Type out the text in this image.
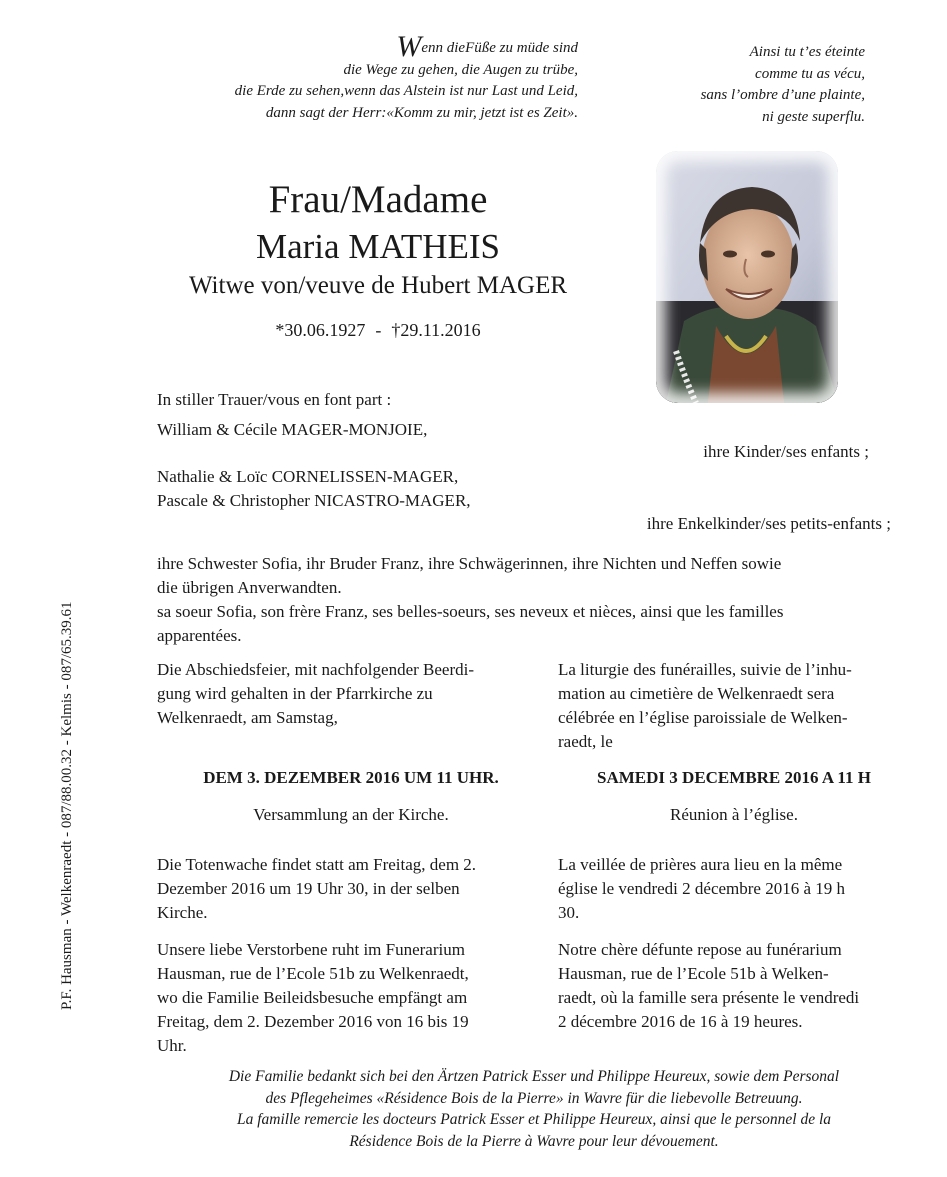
Wenn dieFüße zu müde sind
die Wege zu gehen, die Augen zu trübe,
die Erde zu sehen,wenn das Alstein ist nur Last und Leid,
dann sagt der Herr:«Komm zu mir, jetzt ist es Zeit».
Ainsi tu t’es éteinte
comme tu as vécu,
sans l’ombre d’une plainte,
ni geste superflu.
Frau/Madame
Maria MATHEIS
Witwe von/veuve de Hubert MAGER
*30.06.1927 - †29.11.2016
In stiller Trauer/vous en font part :
William & Cécile MAGER-MONJOIE,
ihre Kinder/ses enfants ;
Nathalie & Loïc CORNELISSEN-MAGER,
Pascale & Christopher NICASTRO-MAGER,
ihre Enkelkinder/ses petits-enfants ;
ihre Schwester Sofia, ihr Bruder Franz, ihre Schwägerinnen, ihre Nichten und Neffen sowie
die übrigen Anverwandten.
sa soeur Sofia, son frère Franz, ses belles-soeurs, ses neveux et nièces, ainsi que les familles
apparentées.
Die Abschiedsfeier, mit nachfolgender Beerdi-
gung wird gehalten in der Pfarrkirche zu
Welkenraedt, am Samstag,
La liturgie des funérailles, suivie de l’inhu-
mation au cimetière de Welkenraedt sera
célébrée en l’église paroissiale de Welken-
raedt, le
DEM 3. DEZEMBER 2016 UM 11 UHR.	SAMEDI 3 DECEMBRE 2016 A 11 H
Versammlung an der Kirche.	Réunion à l’église.
Die Totenwache findet statt am Freitag, dem 2.
Dezember 2016 um 19 Uhr 30, in der selben
Kirche.
La veillée de prières aura lieu en la même
église le vendredi 2 décembre 2016 à 19 h
30.
Unsere liebe Verstorbene ruht im Funerarium
Hausman, rue de l’Ecole 51b zu Welkenraedt,
wo die Familie Beileidsbesuche empfängt am
Freitag, dem 2. Dezember 2016 von 16 bis 19
Uhr.
Notre chère défunte repose au funérarium
Hausman, rue de l’Ecole 51b à Welken-
raedt, où la famille sera présente le vendredi
2 décembre 2016 de 16 à 19 heures.
Die Familie bedankt sich bei den Ärtzen Patrick Esser und Philippe Heureux, sowie dem Personal
des Pflegeheimes «Résidence Bois de la Pierre» in Wavre für die liebevolle Betreuung.
La famille remercie les docteurs Patrick Esser et Philippe Heureux, ainsi que le personnel de la
Résidence Bois de la Pierre à Wavre pour leur dévouement.
P.F. Hausman - Welkenraedt - 087/88.00.32 - Kelmis - 087/65.39.61
